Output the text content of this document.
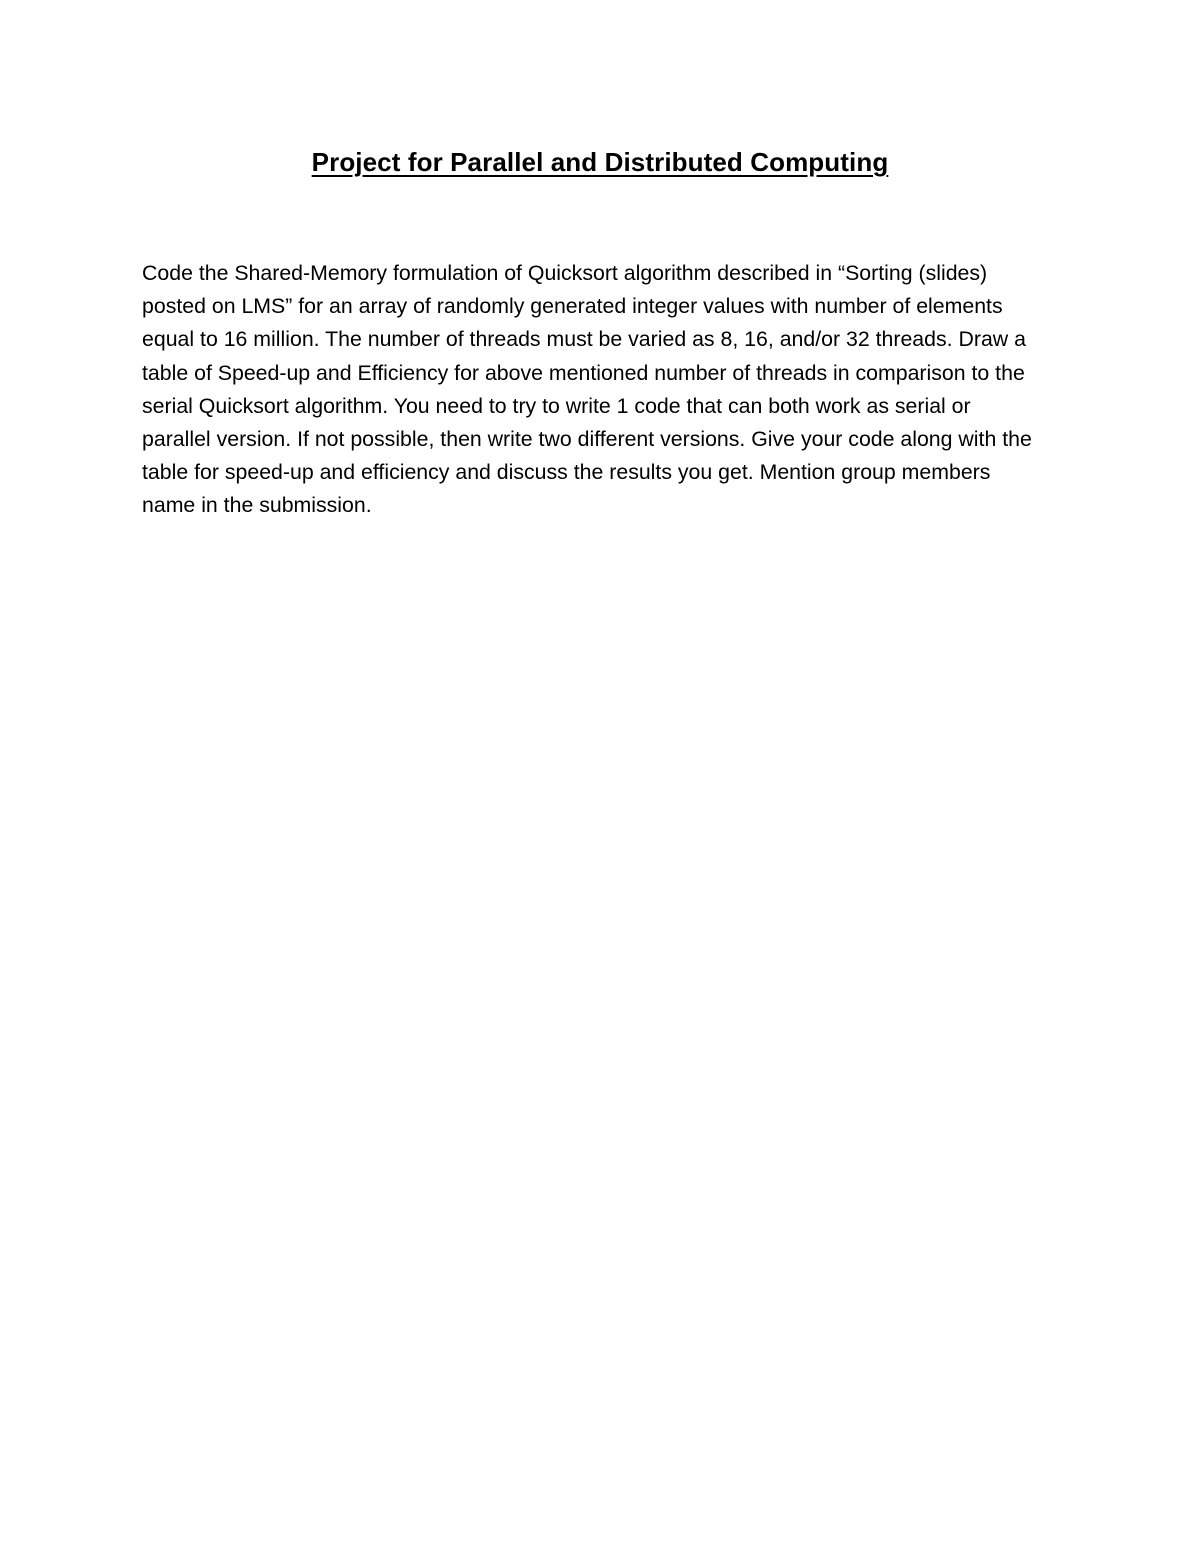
Project for Parallel and Distributed Computing

Code the Shared-Memory formulation of Quicksort algorithm described in “Sorting (slides)
posted on LMS” for an array of randomly generated integer values with number of elements
equal to 16 million. The number of threads must be varied as 8, 16, and/or 32 threads. Draw a
table of Speed-up and Efficiency for above mentioned number of threads in comparison to the
serial Quicksort algorithm. You need to try to write 1 code that can both work as serial or
parallel version. If not possible, then write two different versions. Give your code along with the
table for speed-up and efficiency and discuss the results you get. Mention group members
name in the submission.
